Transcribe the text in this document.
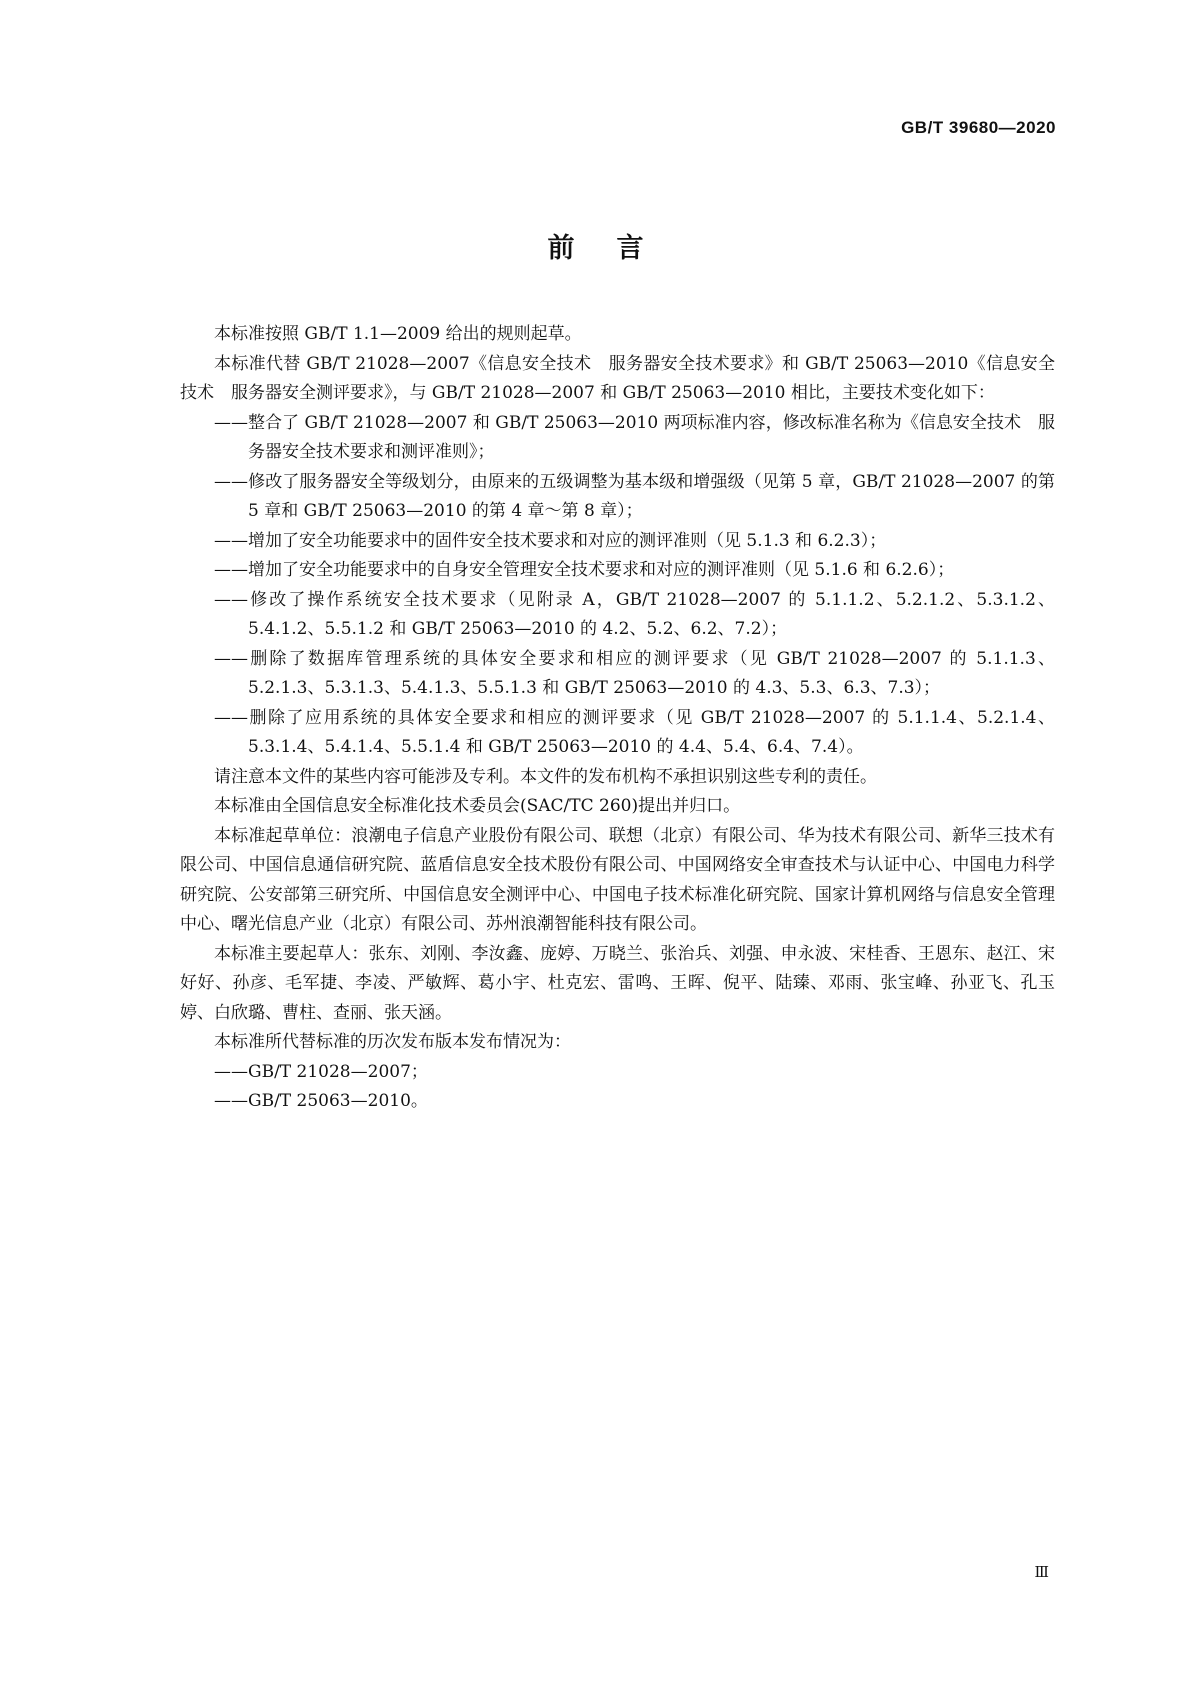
GB/T 39680—2020
前言

本标准按照 GB/T 1.1—2009 给出的规则起草。

本标准代替 GB/T 21028—2007《信息安全技术　服务器安全技术要求》和 GB/T 25063—2010《信息安全技术　服务器安全测评要求》，与 GB/T 21028—2007 和 GB/T 25063—2010 相比，主要技术变化如下：

——整合了 GB/T 21028—2007 和 GB/T 25063—2010 两项标准内容，修改标准名称为《信息安全技术　服务器安全技术要求和测评准则》；

——修改了服务器安全等级划分，由原来的五级调整为基本级和增强级（见第 5 章，GB/T 21028—2007 的第 5 章和 GB/T 25063—2010 的第 4 章～第 8 章）；

——增加了安全功能要求中的固件安全技术要求和对应的测评准则（见 5.1.3 和 6.2.3）；

——增加了安全功能要求中的自身安全管理安全技术要求和对应的测评准则（见 5.1.6 和 6.2.6）；

——修改了操作系统安全技术要求（见附录 A，GB/T 21028—2007 的 5.1.1.2、5.2.1.2、5.3.1.2、5.4.1.2、5.5.1.2 和 GB/T 25063—2010 的 4.2、5.2、6.2、7.2）；

——删除了数据库管理系统的具体安全要求和相应的测评要求（见 GB/T 21028—2007 的 5.1.1.3、5.2.1.3、5.3.1.3、5.4.1.3、5.5.1.3 和 GB/T 25063—2010 的 4.3、5.3、6.3、7.3）；

——删除了应用系统的具体安全要求和相应的测评要求（见 GB/T 21028—2007 的 5.1.1.4、5.2.1.4、5.3.1.4、5.4.1.4、5.5.1.4 和 GB/T 25063—2010 的 4.4、5.4、6.4、7.4）。

请注意本文件的某些内容可能涉及专利。本文件的发布机构不承担识别这些专利的责任。

本标准由全国信息安全标准化技术委员会(SAC/TC 260)提出并归口。

本标准起草单位：浪潮电子信息产业股份有限公司、联想（北京）有限公司、华为技术有限公司、新华三技术有限公司、中国信息通信研究院、蓝盾信息安全技术股份有限公司、中国网络安全审查技术与认证中心、中国电力科学研究院、公安部第三研究所、中国信息安全测评中心、中国电子技术标准化研究院、国家计算机网络与信息安全管理中心、曙光信息产业（北京）有限公司、苏州浪潮智能科技有限公司。

本标准主要起草人：张东、刘刚、李汝鑫、庞婷、万晓兰、张治兵、刘强、申永波、宋桂香、王恩东、赵江、宋好好、孙彦、毛军捷、李凌、严敏辉、葛小宇、杜克宏、雷鸣、王晖、倪平、陆臻、邓雨、张宝峰、孙亚飞、孔玉婷、白欣璐、曹柱、查丽、张天涵。

本标准所代替标准的历次发布版本发布情况为：

——GB/T 21028—2007；

——GB/T 25063—2010。

Ⅲ
